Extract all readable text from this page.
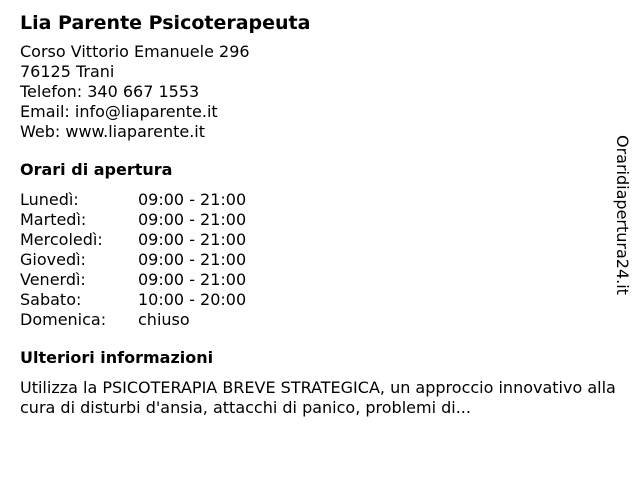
Lia Parente Psicoterapeuta
Corso Vittorio Emanuele 296
76125 Trani
Telefon: 340 667 1553
Email: info@liaparente.it
Web: www.liaparente.it
Orari di apertura
Lunedì:	09:00 - 21:00
Martedì:	09:00 - 21:00
Mercoledì:	09:00 - 21:00
Giovedì:	09:00 - 21:00
Venerdì:	09:00 - 21:00
Sabato:	10:00 - 20:00
Domenica:	chiuso
Ulteriori informazioni
Utilizza la PSICOTERAPIA BREVE STRATEGICA, un approccio innovativo alla cura di disturbi d'ansia, attacchi di panico, problemi di...
Oraridiapertura24.it
